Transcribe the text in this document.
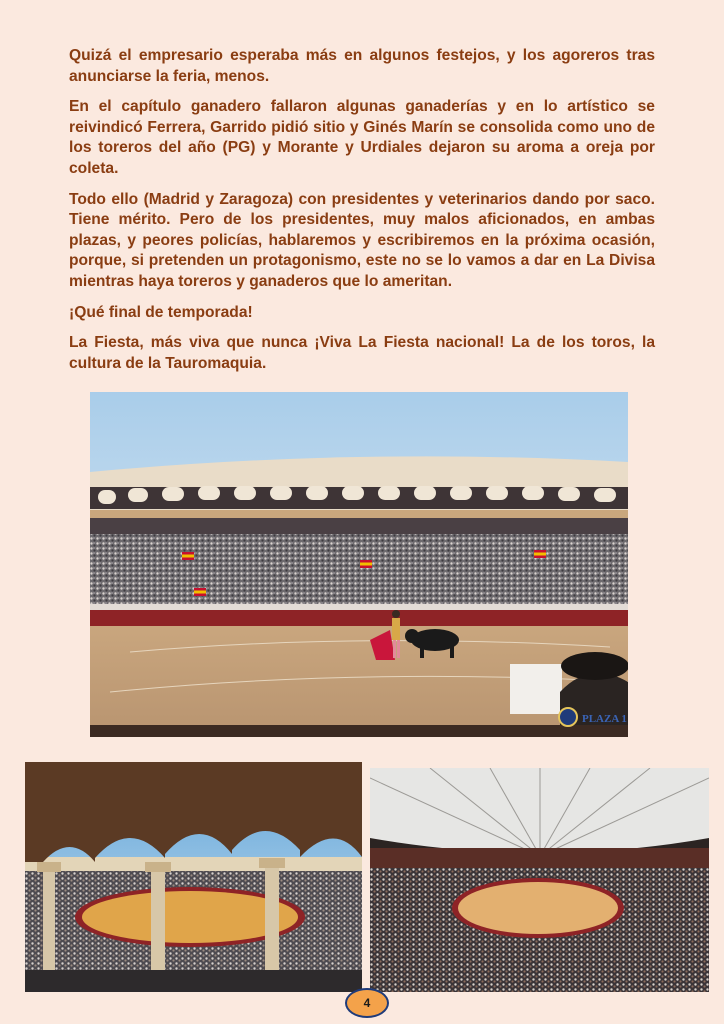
Quizá el empresario esperaba más en algunos festejos, y los agoreros tras anunciarse la feria, menos.

En el capítulo ganadero fallaron algunas ganaderías y en lo artístico se reivindicó Ferrera, Garrido pidió sitio y Ginés Marín se consolida como uno de los toreros del año (PG) y Morante y Urdiales dejaron su aroma a oreja por coleta.

Todo ello (Madrid y Zaragoza) con presidentes y veterinarios dando por saco. Tiene mérito. Pero de los presidentes, muy malos aficionados, en ambas plazas, y peores policías, hablaremos y escribiremos en la próxima ocasión, porque, si pretenden un protagonismo, este no se lo vamos a dar en La Divisa mientras haya toreros y ganaderos que lo ameritan.

¡Qué final de temporada!

La Fiesta, más viva que nunca ¡Viva La Fiesta nacional! La de los toros, la cultura de la Tauromaquia.

PLAZA 1
4
